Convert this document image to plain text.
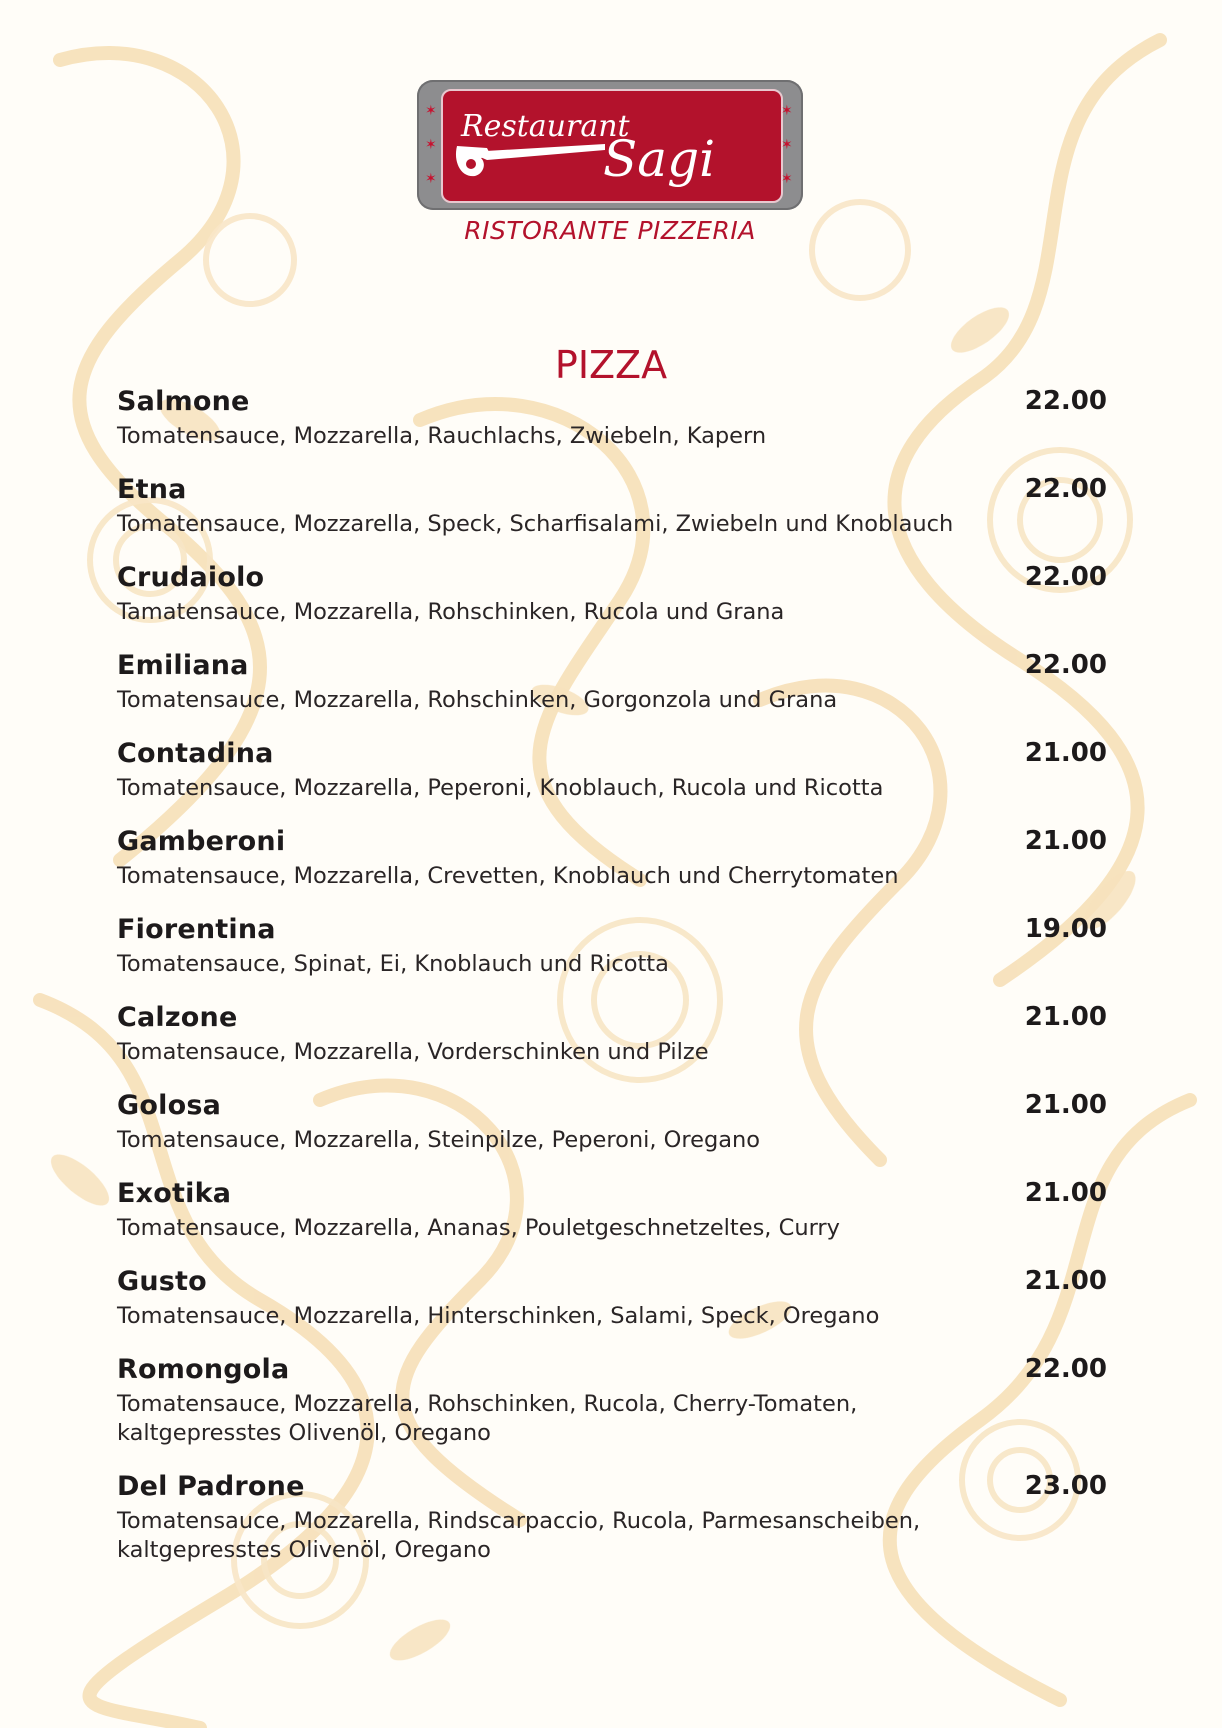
✶
✶
✶
✶
✶
✶
Restaurant
Sagi
RISTORANTE PIZZERIA
PIZZA
Salmone	22.00
Tomatensauce, Mozzarella, Rauchlachs, Zwiebeln, Kapern
Etna	22.00
Tomatensauce, Mozzarella, Speck, Scharfisalami, Zwiebeln und Knoblauch
Crudaiolo	22.00
Tamatensauce, Mozzarella, Rohschinken, Rucola und Grana
Emiliana	22.00
Tomatensauce, Mozzarella, Rohschinken, Gorgonzola und Grana
Contadina	21.00
Tomatensauce, Mozzarella, Peperoni, Knoblauch, Rucola und Ricotta
Gamberoni	21.00
Tomatensauce, Mozzarella, Crevetten, Knoblauch und Cherrytomaten
Fiorentina	19.00
Tomatensauce, Spinat, Ei, Knoblauch und Ricotta
Calzone	21.00
Tomatensauce, Mozzarella, Vorderschinken und Pilze
Golosa	21.00
Tomatensauce, Mozzarella, Steinpilze, Peperoni, Oregano
Exotika	21.00
Tomatensauce, Mozzarella, Ananas, Pouletgeschnetzeltes, Curry
Gusto	21.00
Tomatensauce, Mozzarella, Hinterschinken, Salami, Speck, Oregano
Romongola	22.00
Tomatensauce, Mozzarella, Rohschinken, Rucola, Cherry-Tomaten,
kaltgepresstes Olivenöl, Oregano
Del Padrone	23.00
Tomatensauce, Mozzarella, Rindscarpaccio, Rucola, Parmesanscheiben,
kaltgepresstes Olivenöl, Oregano
